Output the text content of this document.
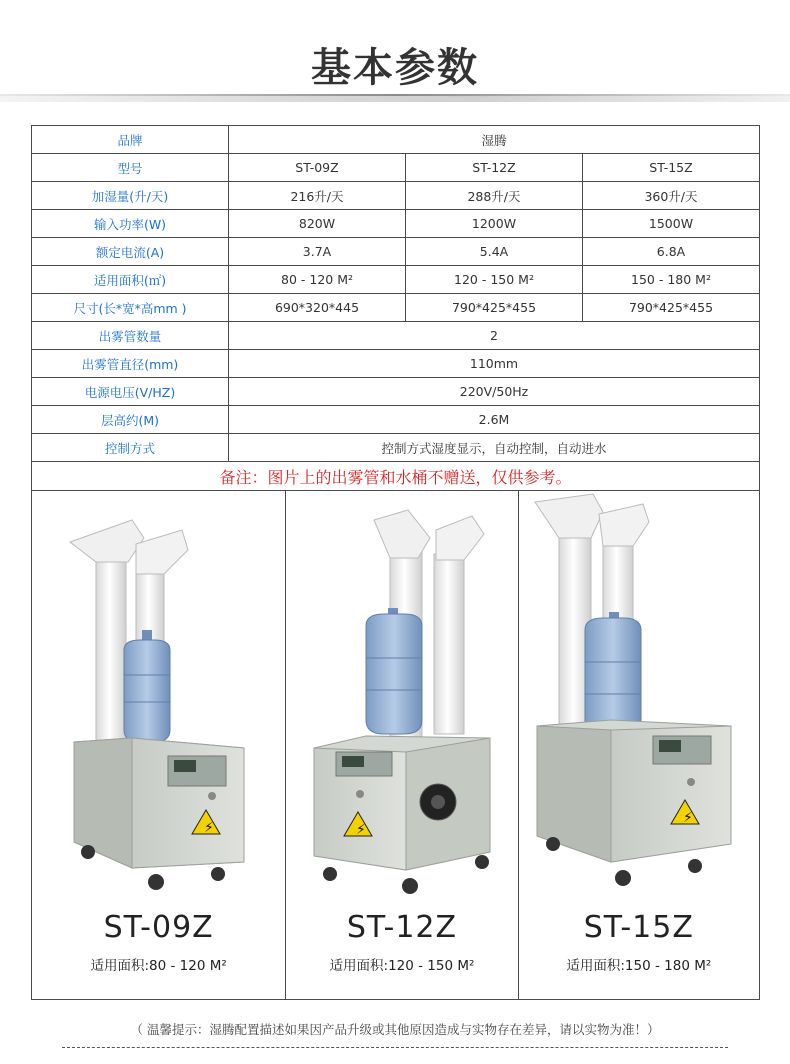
基本参数
品牌	湿腾		
型号	ST-09Z	ST-12Z	ST-15Z
加湿量(升/天)	216升/天	288升/天	360升/天
输入功率(W)	820W	1200W	1500W
额定电流(A)	3.7A	5.4A	6.8A
适用面积(㎡)	80 - 120 M²	120 - 150 M²	150 - 180 M²
尺寸(长*宽*高mm )	690*320*445	790*425*455	790*425*455
出雾管数量	2		
出雾管直径(mm)	110mm		
电源电压(V/HZ)	220V/50Hz		
层高约(M)	2.6M		
控制方式	控制方式湿度显示，自动控制，自动进水		
备注：图片上的出雾管和水桶不赠送，仅供参考。			
⚡
ST-09Z
适用面积:80 - 120 M²
⚡
ST-12Z
适用面积:120 - 150 M²
⚡
ST-15Z
适用面积:150 - 180 M²
（ 温馨提示：湿腾配置描述如果因产品升级或其他原因造成与实物存在差异，请以实物为准！）
